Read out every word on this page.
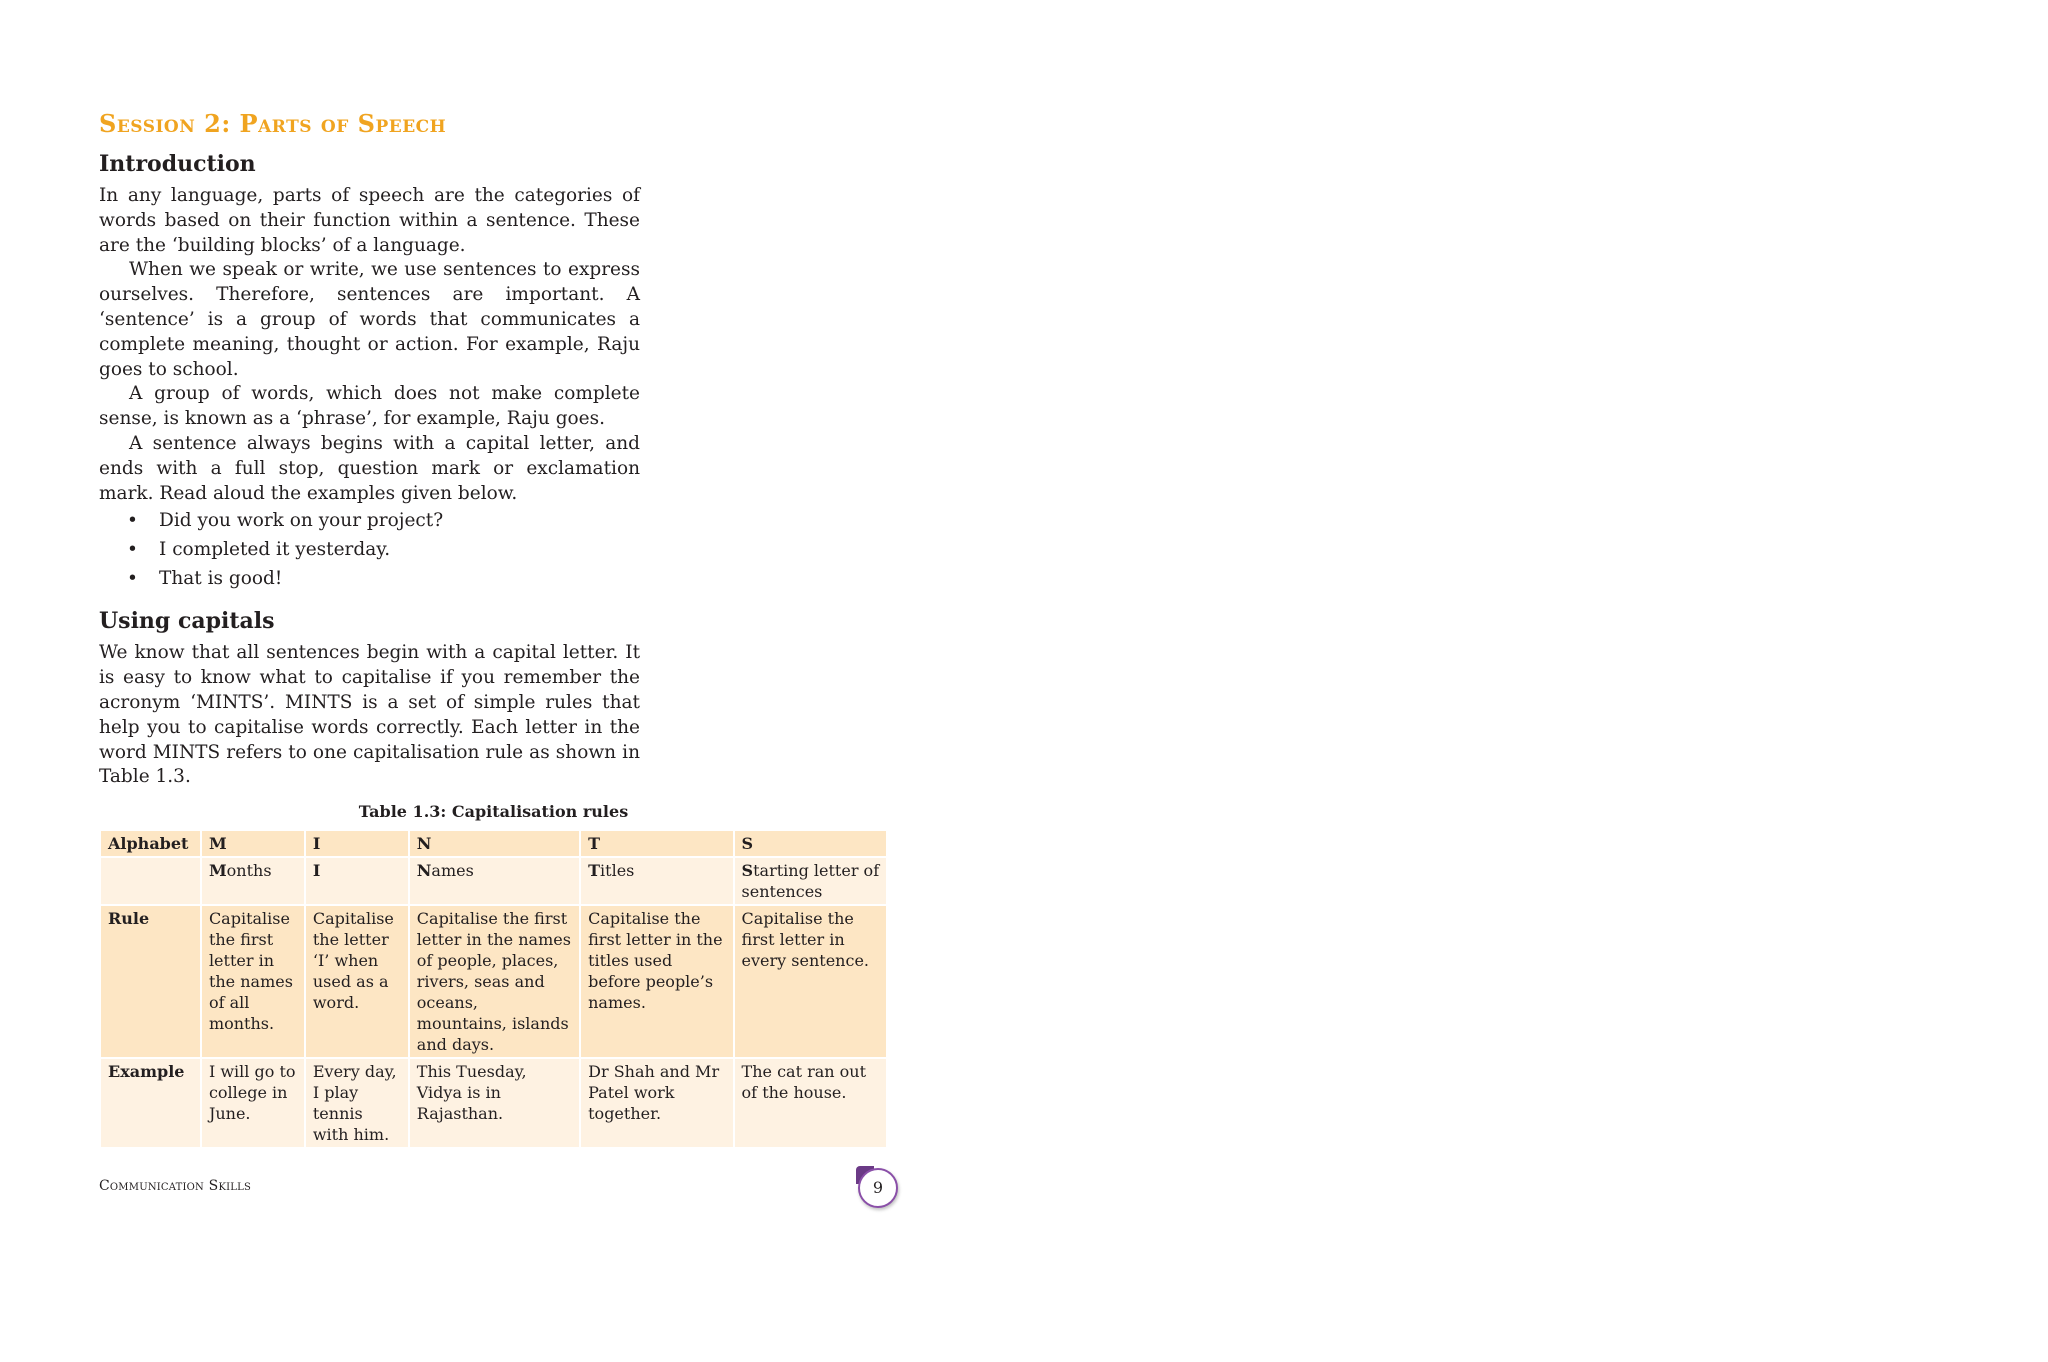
Session 2: Parts of Speech
Introduction

In any language, parts of speech are the categories of words based on their function within a sentence. These are the ‘building blocks’ of a language.

When we speak or write, we use sentences to express ourselves. Therefore, sentences are important. A ‘sentence’ is a group of words that communicates a complete meaning, thought or action. For example, Raju goes to school.

A group of words, which does not make complete sense, is known as a ‘phrase’, for example, Raju goes.

A sentence always begins with a capital letter, and ends with a full stop, question mark or exclamation mark. Read aloud the examples given below.

• Did you work on your project?
• I completed it yesterday.
• That is good!
Using capitals

We know that all sentences begin with a capital letter. It is easy to know what to capitalise if you remember the acronym ‘MINTS’. MINTS is a set of simple rules that help you to capitalise words correctly. Each letter in the word MINTS refers to one capitalisation rule as shown in Table 1.3.

Table 1.3: Capitalisation rules
Alphabet	M	I	N	T	S
	Months	I	Names	Titles	Starting letter of sentences
Rule	Capitalise the first letter in the names of all months.	Capitalise the letter ‘I’ when used as a word.	Capitalise the first letter in the names of people, places, rivers, seas and oceans, mountains, islands and days.	Capitalise the first letter in the titles used before people’s names.	Capitalise the first letter in every sentence.
Example	I will go to college in June.	Every day, I play tennis with him.	This Tuesday, Vidya is in Rajasthan.	Dr Shah and Mr Patel work together.	The cat ran out of the house.
Communication Skills	9
